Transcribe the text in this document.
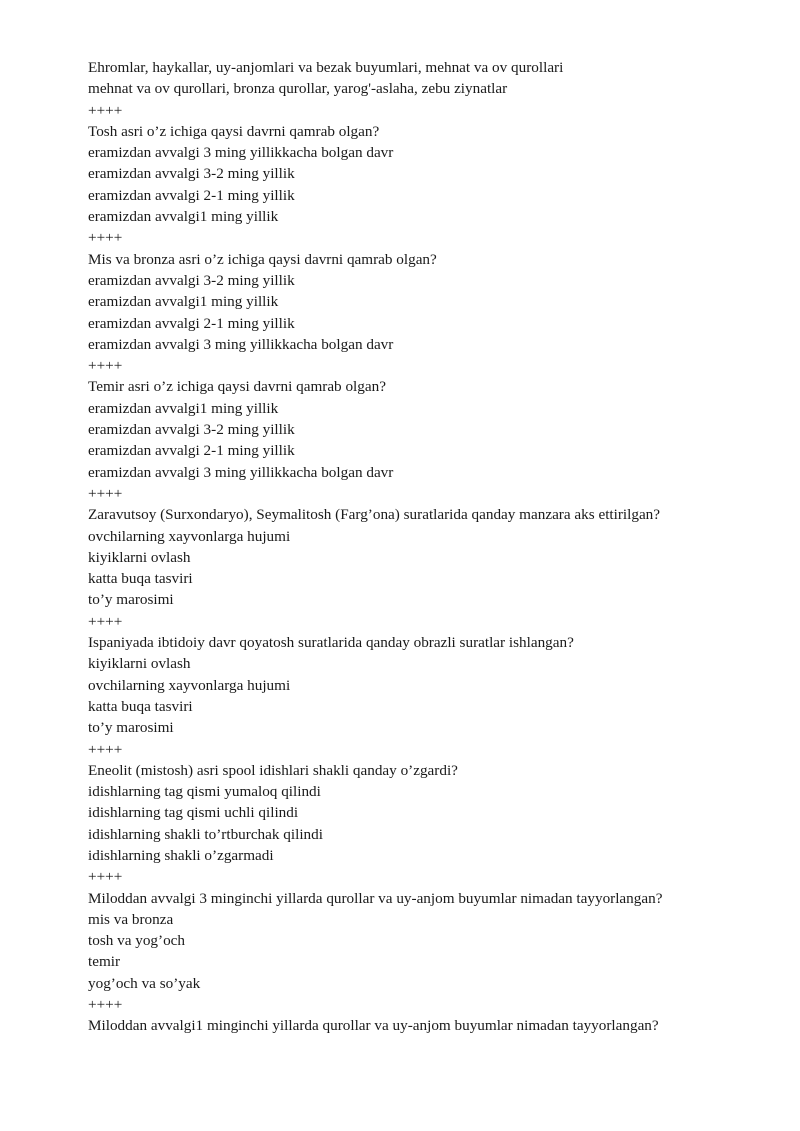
Ehromlar, haykallar, uy-anjomlari va bezak buyumlari, mehnat va ov qurollari
mehnat va ov qurollari, bronza qurollar, yarog'-aslaha, zebu ziynatlar
++++
Tosh asri o’z ichiga qaysi davrni qamrab olgan?
eramizdan avvalgi 3 ming yillikkacha bolgan davr
eramizdan avvalgi 3-2 ming yillik
eramizdan avvalgi 2-1 ming yillik
eramizdan avvalgi1 ming yillik
++++
Mis va bronza asri o’z ichiga qaysi davrni qamrab olgan?
eramizdan avvalgi 3-2 ming yillik
eramizdan avvalgi1 ming yillik
eramizdan avvalgi 2-1 ming yillik
eramizdan avvalgi 3 ming yillikkacha bolgan davr
++++
Temir asri o’z ichiga qaysi davrni qamrab olgan?
eramizdan avvalgi1 ming yillik
eramizdan avvalgi 3-2 ming yillik
eramizdan avvalgi 2-1 ming yillik
eramizdan avvalgi 3 ming yillikkacha bolgan davr
++++
Zaravutsoy (Surxondaryo), Seymalitosh (Farg’ona) suratlarida qanday manzara aks ettirilgan?
ovchilarning xayvonlarga hujumi
kiyiklarni ovlash
katta buqa tasviri
to’y marosimi
++++
Ispaniyada ibtidoiy davr qoyatosh suratlarida qanday obrazli suratlar ishlangan?
kiyiklarni ovlash
ovchilarning xayvonlarga hujumi
katta buqa tasviri
to’y marosimi
++++
Eneolit (mistosh) asri spool idishlari shakli qanday o’zgardi?
idishlarning tag qismi yumaloq qilindi
idishlarning tag qismi uchli qilindi
idishlarning shakli to’rtburchak qilindi
idishlarning shakli o’zgarmadi
++++
Miloddan avvalgi 3 minginchi yillarda qurollar va uy-anjom buyumlar nimadan tayyorlangan?
mis va bronza
tosh va yog’och
temir
yog’och va so’yak
++++
Miloddan avvalgi1 minginchi yillarda qurollar va uy-anjom buyumlar nimadan tayyorlangan?
